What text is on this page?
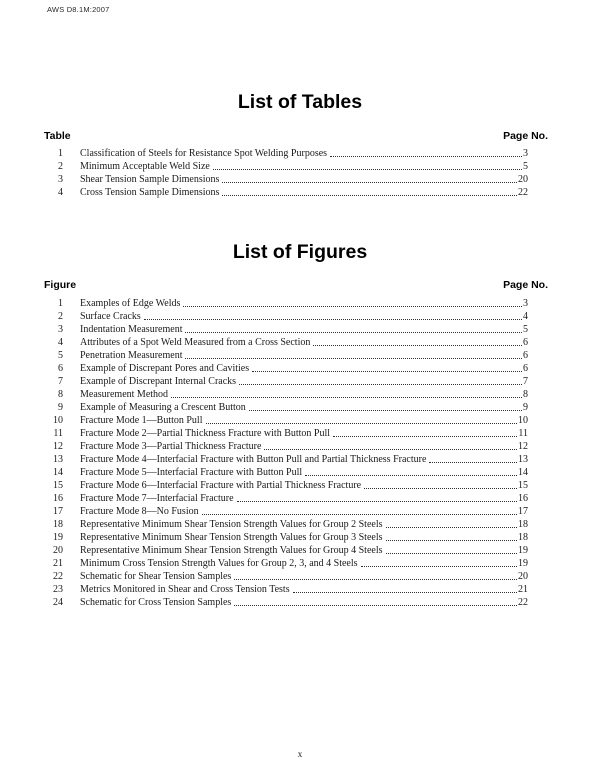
AWS D8.1M:2007
List of Tables
Table	Page No.
1 Classification of Steels for Resistance Spot Welding Purposes	3
2 Minimum Acceptable Weld Size	5
3 Shear Tension Sample Dimensions	20
4 Cross Tension Sample Dimensions	22
List of Figures
Figure	Page No.
1 Examples of Edge Welds	3
2 Surface Cracks	4
3 Indentation Measurement	5
4 Attributes of a Spot Weld Measured from a Cross Section	6
5 Penetration Measurement	6
6 Example of Discrepant Pores and Cavities	6
7 Example of Discrepant Internal Cracks	7
8 Measurement Method	8
9 Example of Measuring a Crescent Button	9
10 Fracture Mode 1—Button Pull	10
11 Fracture Mode 2—Partial Thickness Fracture with Button Pull	11
12 Fracture Mode 3—Partial Thickness Fracture	12
13 Fracture Mode 4—Interfacial Fracture with Button Pull and Partial Thickness Fracture	13
14 Fracture Mode 5—Interfacial Fracture with Button Pull	14
15 Fracture Mode 6—Interfacial Fracture with Partial Thickness Fracture	15
16 Fracture Mode 7—Interfacial Fracture	16
17 Fracture Mode 8—No Fusion	17
18 Representative Minimum Shear Tension Strength Values for Group 2 Steels	18
19 Representative Minimum Shear Tension Strength Values for Group 3 Steels	18
20 Representative Minimum Shear Tension Strength Values for Group 4 Steels	19
21 Minimum Cross Tension Strength Values for Group 2, 3, and 4 Steels	19
22 Schematic for Shear Tension Samples	20
23 Metrics Monitored in Shear and Cross Tension Tests	21
24 Schematic for Cross Tension Samples	22
x
